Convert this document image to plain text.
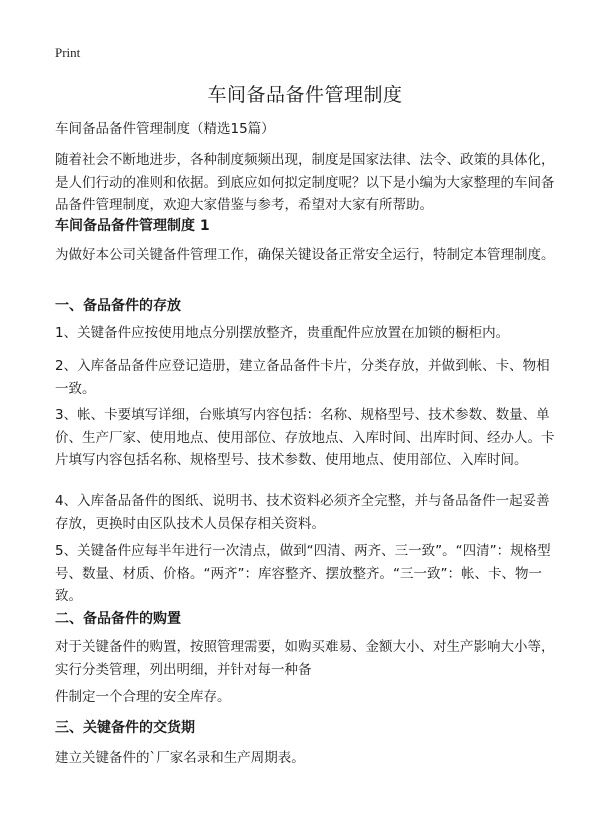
Print
车间备品备件管理制度

车间备品备件管理制度（精选15篇）

随着社会不断地进步，各种制度频频出现，制度是国家法律、法令、政策的具体化，是人们行动的准则和依据。到底应如何拟定制度呢？以下是小编为大家整理的车间备品备件管理制度，欢迎大家借鉴与参考，希望对大家有所帮助。

车间备品备件管理制度 1

为做好本公司关键备件管理工作，确保关键设备正常安全运行，特制定本管理制度。

一、备品备件的存放

1、关键备件应按使用地点分别摆放整齐，贵重配件应放置在加锁的橱柜内。

2、入库备品备件应登记造册，建立备品备件卡片，分类存放，并做到帐、卡、物相一致。

3、帐、卡要填写详细，台账填写内容包括：名称、规格型号、技术参数、数量、单价、生产厂家、使用地点、使用部位、存放地点、入库时间、出库时间、经办人。卡片填写内容包括名称、规格型号、技术参数、使用地点、使用部位、入库时间。

4、入库备品备件的图纸、说明书、技术资料必须齐全完整，并与备品备件一起妥善存放，更换时由区队技术人员保存相关资料。

5、关键备件应每半年进行一次清点，做到“四清、两齐、三一致”。“四清”：规格型号、数量、材质、价格。“两齐”：库容整齐、摆放整齐。“三一致”：帐、卡、物一致。

二、备品备件的购置

对于关键备件的购置，按照管理需要，如购买难易、金额大小、对生产影响大小等，实行分类管理，列出明细，并针对每一种备

件制定一个合理的安全库存。

三、关键备件的交货期

建立关键备件的`厂家名录和生产周期表。
